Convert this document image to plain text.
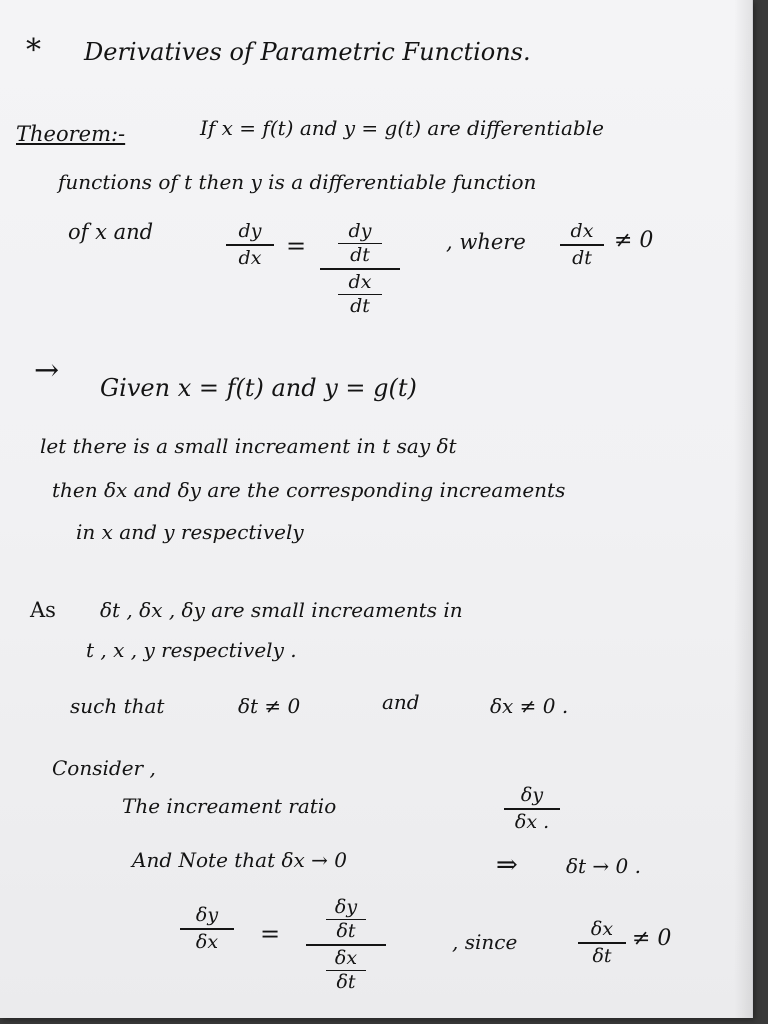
* Derivatives of Parametric Functions.
Theorem:-	If x = f(t) and y = g(t) are differentiable
functions of t then y is a differentiable function
of x and	dy
dx	=
dy
dt
dx
dt
, where	dx
dt
≠ 0
→ Given x = f(t) and y = g(t)
let there is a small increament in t say δt
then δx and δy are the corresponding increaments
in x and y respectively
As δt , δx , δy are small increaments in
t , x , y respectively .
such that	δt ≠ 0	and	δx ≠ 0 .
Consider ,
The increament ratio	δy
δx .
And Note that δx → 0	⇒ δt → 0 .
δy
δx	=
δy
δt
δx
δt
, since
δx
δt
≠ 0
